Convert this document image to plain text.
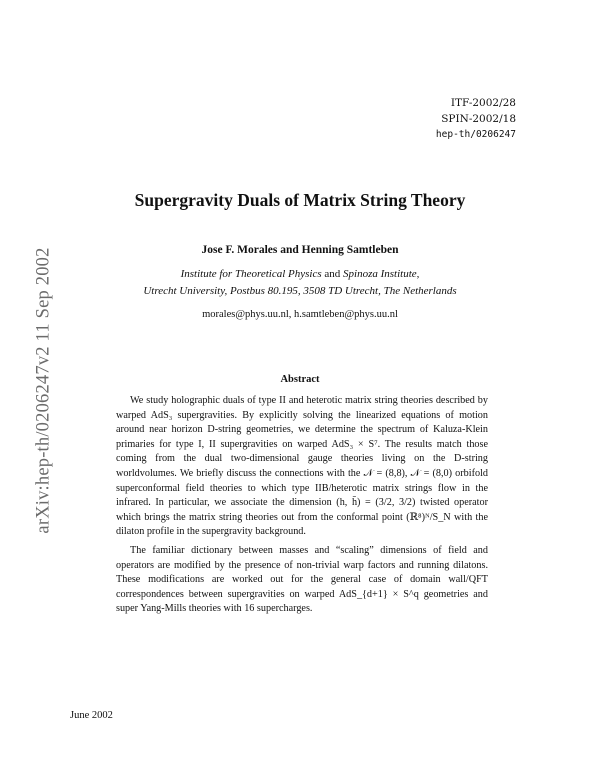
arXiv:hep-th/0206247v2 11 Sep 2002
ITF-2002/28
SPIN-2002/18
hep-th/0206247
Supergravity Duals of Matrix String Theory
Jose F. Morales and Henning Samtleben
Institute for Theoretical Physics and Spinoza Institute,
Utrecht University, Postbus 80.195, 3508 TD Utrecht, The Netherlands
morales@phys.uu.nl, h.samtleben@phys.uu.nl
Abstract

We study holographic duals of type II and heterotic matrix string theories described by warped AdS₃ supergravities. By explicitly solving the linearized equations of motion around near horizon D-string geometries, we determine the spectrum of Kaluza-Klein primaries for type I, II supergravities on warped AdS₃ × S⁷. The results match those coming from the dual two-dimensional gauge theories living on the D-string worldvolumes. We briefly discuss the connections with the 𝒩 = (8,8), 𝒩 = (8,0) orbifold superconformal field theories to which type IIB/heterotic matrix strings flow in the infrared. In particular, we associate the dimension (h, h̄) = (3/2, 3/2) twisted operator which brings the matrix string theories out from the conformal point (ℝ⁸)ᴺ/S_N with the dilaton profile in the supergravity background.

The familiar dictionary between masses and “scaling” dimensions of field and operators are modified by the presence of non-trivial warp factors and running dilatons. These modifications are worked out for the general case of domain wall/QFT correspondences between supergravities on warped AdS_{d+1} × S^q geometries and super Yang-Mills theories with 16 supercharges.

June 2002
